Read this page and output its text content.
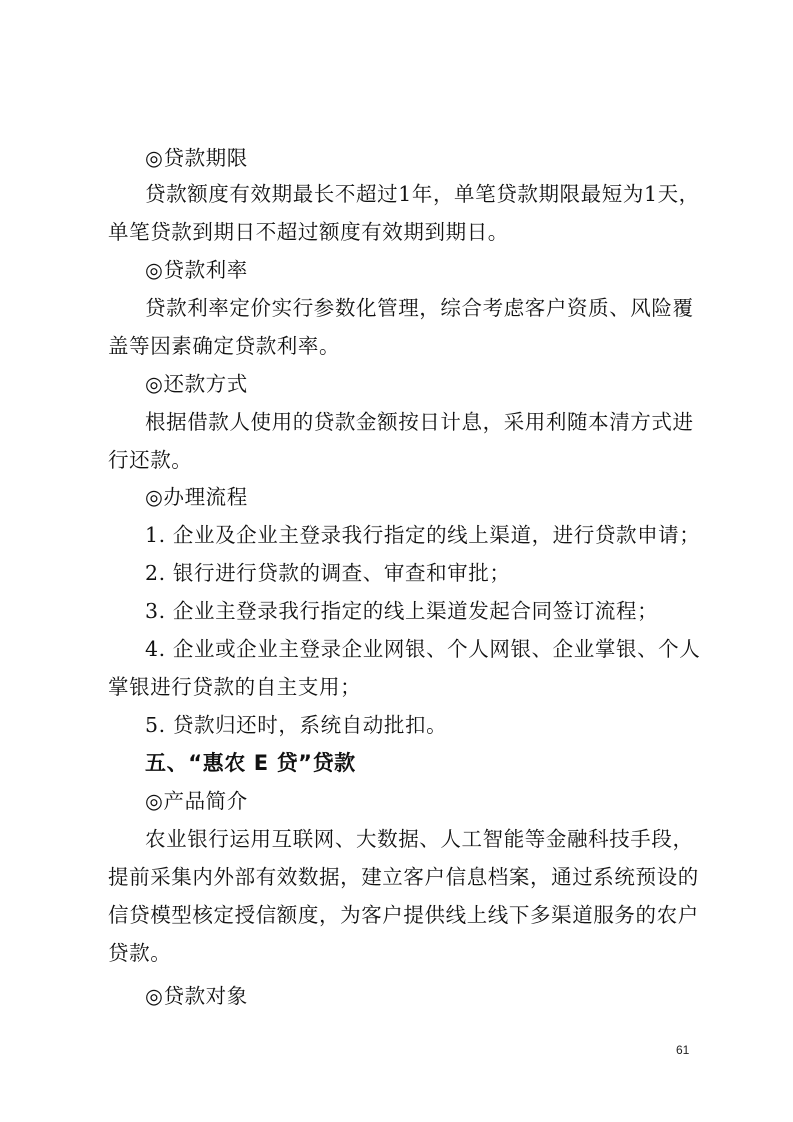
◎贷款期限
贷款额度有效期最长不超过1年，单笔贷款期限最短为1天，
单笔贷款到期日不超过额度有效期到期日。
◎贷款利率
贷款利率定价实行参数化管理，综合考虑客户资质、风险覆
盖等因素确定贷款利率。
◎还款方式
根据借款人使用的贷款金额按日计息，采用利随本清方式进
行还款。
◎办理流程
1. 企业及企业主登录我行指定的线上渠道，进行贷款申请；
2. 银行进行贷款的调查、审查和审批；
3. 企业主登录我行指定的线上渠道发起合同签订流程；
4. 企业或企业主登录企业网银、个人网银、企业掌银、个人
掌银进行贷款的自主支用；
5. 贷款归还时，系统自动批扣。
五、“惠农 E 贷”贷款
◎产品简介
农业银行运用互联网、大数据、人工智能等金融科技手段，
提前采集内外部有效数据，建立客户信息档案，通过系统预设的
信贷模型核定授信额度，为客户提供线上线下多渠道服务的农户
贷款。
◎贷款对象
61
